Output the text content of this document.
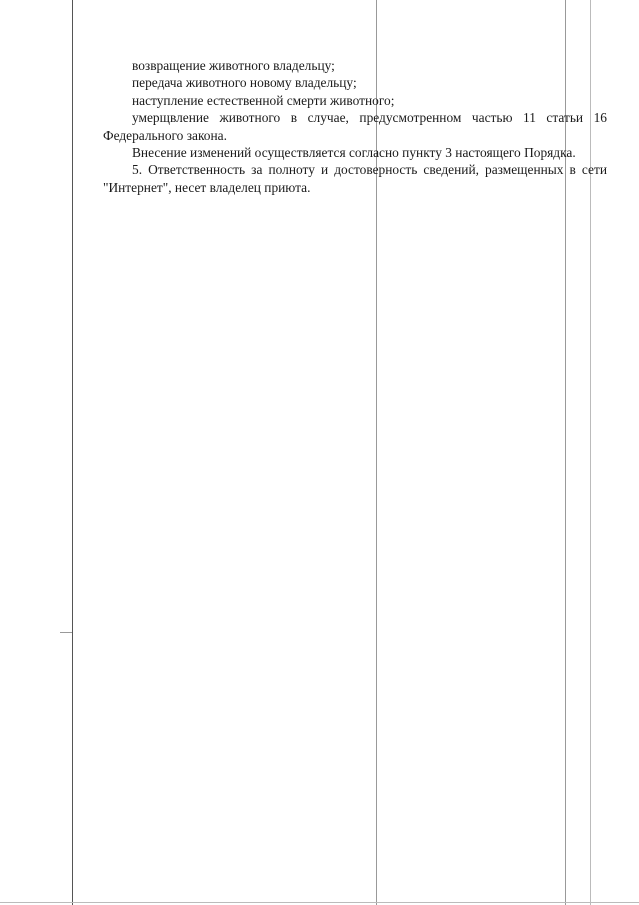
возвращение животного владельцу;

передача животного новому владельцу;

наступление естественной смерти животного;

умерщвление животного в случае, предусмотренном частью 11 статьи 16 Федерального закона.

Внесение изменений осуществляется согласно пункту 3 настоящего Порядка.

5. Ответственность за полноту и достоверность сведений, размещенных в сети "Интернет", несет владелец приюта.
